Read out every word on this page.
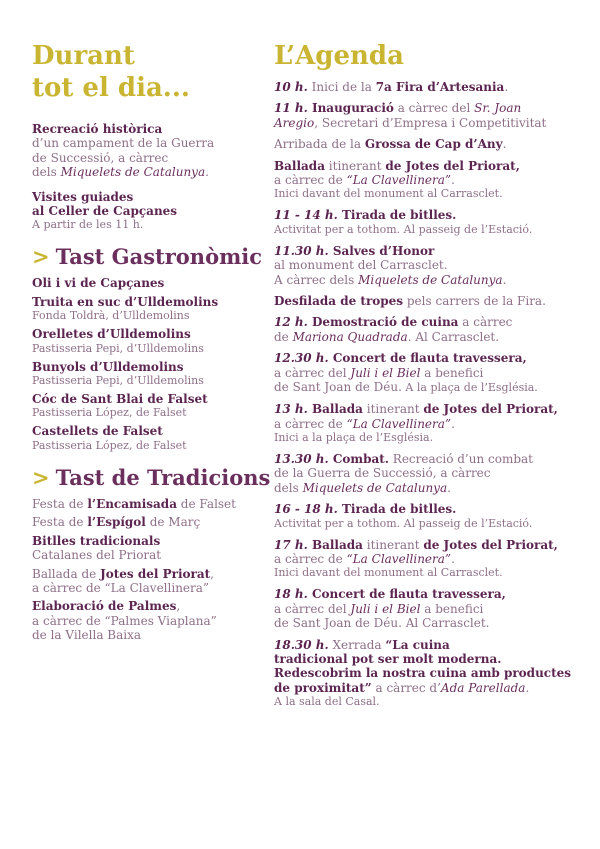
Durant
tot el dia...
Recreació històrica
d’un campament de la Guerra
de Successió, a càrrec
dels Miquelets de Catalunya.
Visites guiades
al Celler de Capçanes
A partir de les 11 h.
> Tast Gastronòmic
Oli i vi de Capçanes
Truita en suc d’Ulldemolins
Fonda Toldrà, d’Ulldemolins
Orelletes d’Ulldemolins
Pastisseria Pepi, d’Ulldemolins
Bunyols d’Ulldemolins
Pastisseria Pepi, d’Ulldemolins
Cóc de Sant Blai de Falset
Pastisseria López, de Falset
Castellets de Falset
Pastisseria López, de Falset
> Tast de Tradicions
Festa de l’Encamisada de Falset
Festa de l’Espígol de Març
Bitlles tradicionals
Catalanes del Priorat
Ballada de Jotes del Priorat,
a càrrec de “La Clavellinera”
Elaboració de Palmes,
a càrrec de “Palmes Viaplana”
de la Vilella Baixa
L’Agenda
10 h. Inici de la 7a Fira d’Artesania.
11 h. Inauguració a càrrec del Sr. Joan
Aregio, Secretari d’Empresa i Competitivitat
Arribada de la Grossa de Cap d’Any.
Ballada itinerant de Jotes del Priorat,
a càrrec de “La Clavellinera”.
Inici davant del monument al Carrasclet.
11 - 14 h. Tirada de bitlles.
Activitat per a tothom. Al passeig de l’Estació.
11.30 h. Salves d’Honor
al monument del Carrasclet.
A càrrec dels Miquelets de Catalunya.
Desfilada de tropes pels carrers de la Fira.
12 h. Demostració de cuina a càrrec
de Mariona Quadrada. Al Carrasclet.
12.30 h. Concert de flauta travessera,
a càrrec del Juli i el Biel a benefici
de Sant Joan de Déu. A la plaça de l’Església.
13 h. Ballada itinerant de Jotes del Priorat,
a càrrec de “La Clavellinera”.
Inici a la plaça de l’Església.
13.30 h. Combat. Recreació d’un combat
de la Guerra de Successió, a càrrec
dels Miquelets de Catalunya.
16 - 18 h. Tirada de bitlles.
Activitat per a tothom. Al passeig de l’Estació.
17 h. Ballada itinerant de Jotes del Priorat,
a càrrec de “La Clavellinera”.
Inici davant del monument al Carrasclet.
18 h. Concert de flauta travessera,
a càrrec del Juli i el Biel a benefici
de Sant Joan de Déu. Al Carrasclet.
18.30 h. Xerrada “La cuina
tradicional pot ser molt moderna.
Redescobrim la nostra cuina amb productes
de proximitat” a càrrec d’Ada Parellada.
A la sala del Casal.
